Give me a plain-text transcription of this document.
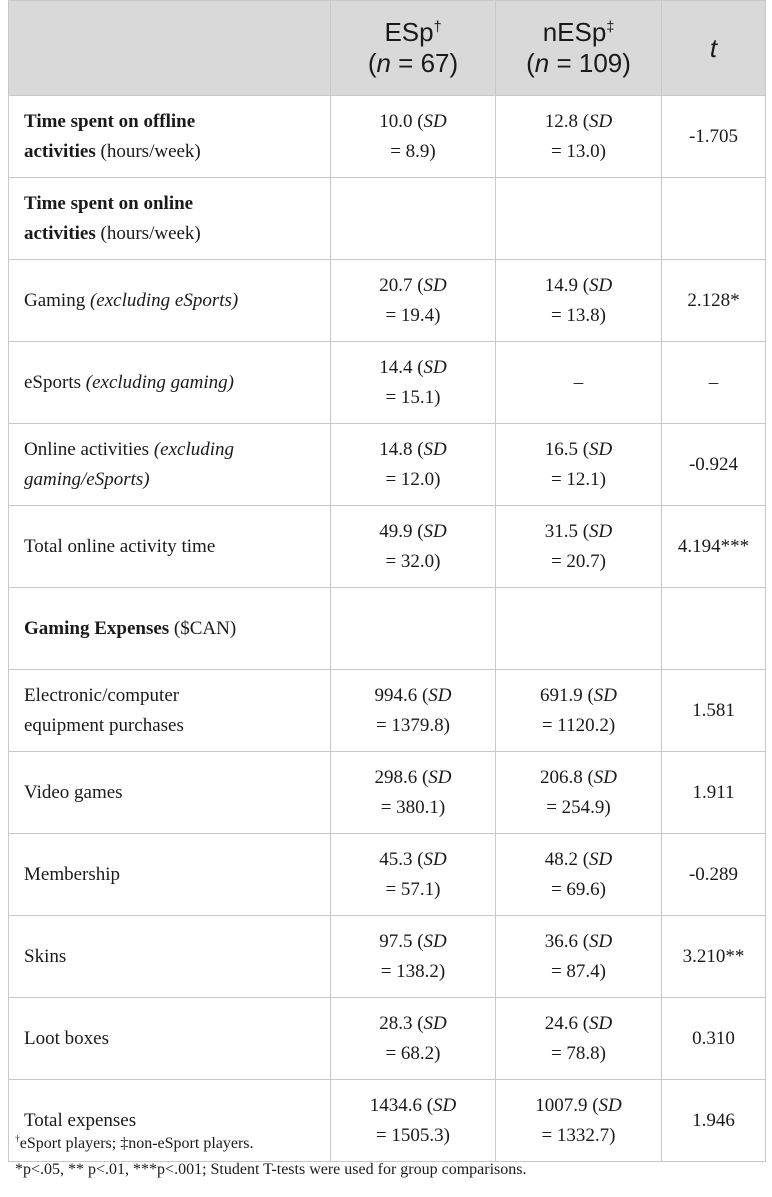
	ESp†
(n = 67)	nESp‡
(n = 109)	t
Time spent on offline
activities (hours/week)	10.0 (SD
= 8.9)	12.8 (SD
= 13.0)	-1.705
Time spent on online
activities (hours/week)			
Gaming (excluding eSports)	20.7 (SD
= 19.4)	14.9 (SD
= 13.8)	2.128*
eSports (excluding gaming)	14.4 (SD
= 15.1)	–	–
Online activities (excluding
gaming/eSports)	14.8 (SD
= 12.0)	16.5 (SD
= 12.1)	-0.924
Total online activity time	49.9 (SD
= 32.0)	31.5 (SD
= 20.7)	4.194***
Gaming Expenses ($CAN)			
Electronic/computer
equipment purchases	994.6 (SD
= 1379.8)	691.9 (SD
= 1120.2)	1.581
Video games	298.6 (SD
= 380.1)	206.8 (SD
= 254.9)	1.911
Membership	45.3 (SD
= 57.1)	48.2 (SD
= 69.6)	-0.289
Skins	97.5 (SD
= 138.2)	36.6 (SD
= 87.4)	3.210**
Loot boxes	28.3 (SD
= 68.2)	24.6 (SD
= 78.8)	0.310
Total expenses	1434.6 (SD
= 1505.3)	1007.9 (SD
= 1332.7)	1.946
†eSport players; ‡non-eSport players.
*p<.05, ** p<.01, ***p<.001; Student T-tests were used for group comparisons.
